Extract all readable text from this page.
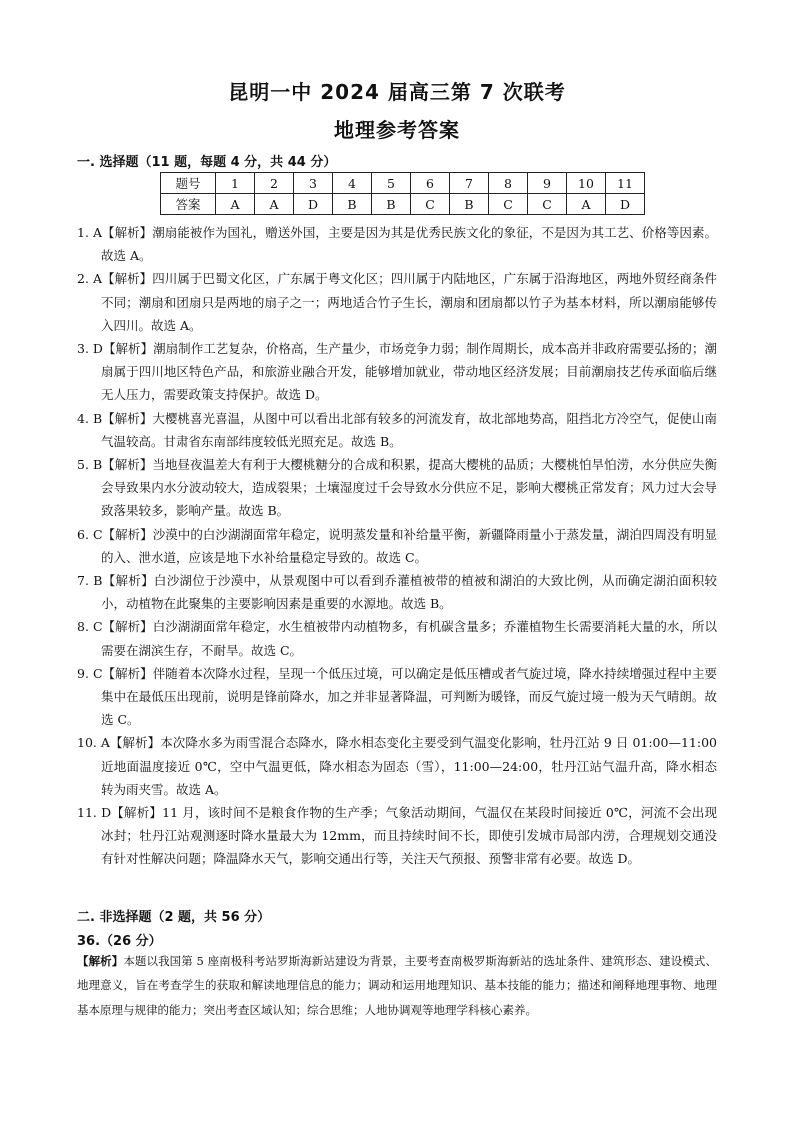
昆明一中 2024 届高三第 7 次联考
地理参考答案
一. 选择题（11 题，每题 4 分，共 44 分）
题号	1	2	3	4	5	6	7	8	9	10	11
答案	A	A	D	B	B	C	B	C	C	A	D
1. A【解析】潮扇能被作为国礼，赠送外国，主要是因为其是优秀民族文化的象征，不是因为其工艺、价格等因素。故选 A。
2. A【解析】四川属于巴蜀文化区，广东属于粤文化区；四川属于内陆地区，广东属于沿海地区，两地外贸经商条件不同；潮扇和团扇只是两地的扇子之一；两地适合竹子生长，潮扇和团扇都以竹子为基本材料，所以潮扇能够传入四川。故选 A。
3. D【解析】潮扇制作工艺复杂，价格高，生产量少，市场竞争力弱；制作周期长，成本高并非政府需要弘扬的；潮扇属于四川地区特色产品，和旅游业融合开发，能够增加就业，带动地区经济发展；目前潮扇技艺传承面临后继无人压力，需要政策支持保护。故选 D。
4. B【解析】大樱桃喜光喜温，从图中可以看出北部有较多的河流发育，故北部地势高，阻挡北方冷空气，促使山南气温较高。甘肃省东南部纬度较低光照充足。故选 B。
5. B【解析】当地昼夜温差大有利于大樱桃糖分的合成和积累，提高大樱桃的品质；大樱桃怕旱怕涝，水分供应失衡会导致果内水分波动较大，造成裂果；土壤湿度过千会导致水分供应不足，影响大樱桃正常发育；风力过大会导致落果较多，影响产量。故选 B。
6. C【解析】沙漠中的白沙湖湖面常年稳定，说明蒸发量和补给量平衡，新疆降雨量小于蒸发量，湖泊四周没有明显的入、泄水道，应该是地下水补给量稳定导致的。故选 C。
7. B【解析】白沙湖位于沙漠中，从景观图中可以看到乔灌植被带的植被和湖泊的大致比例，从而确定湖泊面积较小，动植物在此聚集的主要影响因素是重要的水源地。故选 B。
8. C【解析】白沙湖湖面常年稳定，水生植被带内动植物多，有机碳含量多；乔灌植物生长需要消耗大量的水，所以需要在湖滨生存，不耐旱。故选 C。
9. C【解析】伴随着本次降水过程，呈现一个低压过境，可以确定是低压槽或者气旋过境，降水持续增强过程中主要集中在最低压出现前，说明是锋前降水，加之并非显著降温，可判断为暖锋，而反气旋过境一般为天气晴朗。故选 C。
10. A【解析】本次降水多为雨雪混合态降水，降水相态变化主要受到气温变化影响，牡丹江站 9 日 01:00—11:00 近地面温度接近 0℃，空中气温更低，降水相态为固态（雪），11:00—24:00，牡丹江站气温升高，降水相态转为雨夹雪。故选 A。
11. D【解析】11 月，该时间不是粮食作物的生产季；气象活动期间，气温仅在某段时间接近 0℃，河流不会出现冰封；牡丹江站观测逐时降水量最大为 12mm，而且持续时间不长，即使引发城市局部内涝，合理规划交通没有针对性解决问题；降温降水天气，影响交通出行等，关注天气预报、预警非常有必要。故选 D。
二. 非选择题（2 题，共 56 分）
36.（26 分）
【解析】本题以我国第 5 座南极科考站罗斯海新站建设为背景，主要考查南极罗斯海新站的选址条件、建筑形态、建设模式、地理意义，旨在考查学生的获取和解读地理信息的能力；调动和运用地理知识、基本技能的能力；描述和阐释地理事物、地理基本原理与规律的能力；突出考查区域认知；综合思维；人地协调观等地理学科核心素养。
